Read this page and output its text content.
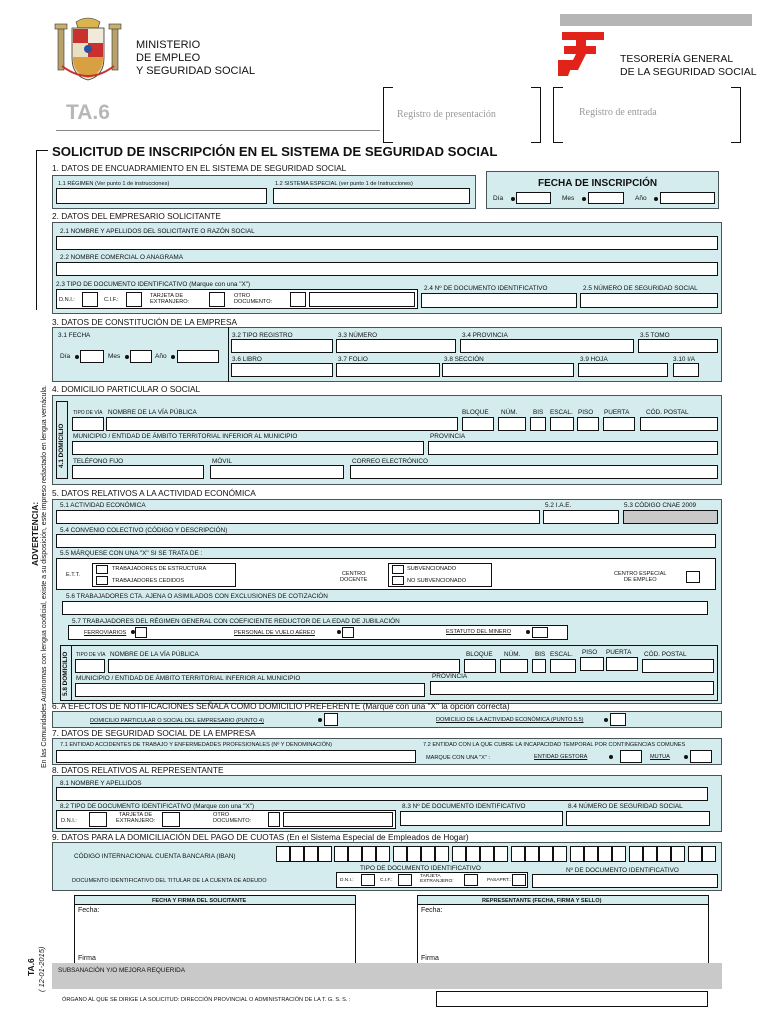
MINISTERIO
DE EMPLEO
Y SEGURIDAD SOCIAL
TESORERÍA GENERAL
DE LA SEGURIDAD SOCIAL
TA.6	Registro de presentación	Registro de entrada
SOLICITUD DE INSCRIPCIÓN EN EL SISTEMA DE SEGURIDAD SOCIAL
1. DATOS DE ENCUADRAMIENTO EN EL SISTEMA DE SEGURIDAD SOCIAL
1.1 RÉGIMEN (Ver punto 1 de instrucciones)	1.2 SISTEMA ESPECIAL (ver punto 1 de Instrucciones)	FECHA DE INSCRIPCIÓN
Día	Mes	Año
2. DATOS DEL EMPRESARIO SOLICITANTE
2.1 NOMBRE Y APELLIDOS DEL SOLICITANTE O RAZÓN SOCIAL
2.2 NOMBRE COMERCIAL O ANAGRAMA
2.3 TIPO DE DOCUMENTO IDENTIFICATIVO (Marque con una "X")
D.N.I.:	C.I.F.:
TARJETA DE
EXTRANJERO:
OTRO
DOCUMENTO:
2.4 Nº DE DOCUMENTO IDENTIFICATIVO	2.5 NÚMERO DE SEGURIDAD SOCIAL
3. DATOS DE CONSTITUCIÓN DE LA EMPRESA
3.1 FECHA
Día	Mes	Año
3.2 TIPO REGISTRO	3.3 NÚMERO	3.4 PROVINCIA	3.5 TOMO
3.6 LIBRO	3.7 FOLIO	3.8 SECCIÓN	3.9 HOJA	3.10 I/A
4. DOMICILIO PARTICULAR O SOCIAL
4.1 DOMICILIO
TIPO DE VÍA NOMBRE DE LA VÍA PÚBLICA	BLOQUE NÚM. BIS ESCAL. PISO PUERTA	CÓD. POSTAL
MUNICIPIO / ENTIDAD DE ÁMBITO TERRITORIAL INFERIOR AL MUNICIPIO	PROVINCIA
TELÉFONO FIJO	MÓVIL	CORREO ELECTRÓNICO
5. DATOS RELATIVOS A LA ACTIVIDAD ECONÓMICA
5.1 ACTIVIDAD ECONÓMICA	5.2 I.A.E.	5.3 CÓDIGO CNAE 2009
5.4 CONVENIO COLECTIVO (CÓDIGO Y DESCRIPCIÓN)
5.5 MÁRQUESE CON UNA "X" SI SE TRATA DE :
E.T.T.
TRABAJADORES DE ESTRUCTURA
TRABAJADORES CEDIDOS
CENTRO
DOCENTE
SUBVENCIONADO
NO SUBVENCIONADO
CENTRO ESPECIAL
DE EMPLEO
5.6 TRABAJADORES CTA. AJENA O ASIMILADOS CON EXCLUSIONES DE COTIZACIÓN
5.7 TRABAJADORES DEL RÉGIMEN GENERAL CON COEFICIENTE REDUCTOR DE LA EDAD DE JUBILACIÓN
FERROVIARIOS	PERSONAL DE VUELO AÉREO	ESTATUTO DEL MINERO
5.8 DOMICILIO TIPO DE VÍA NOMBRE DE LA VÍA PÚBLICA	BLOQUE NÚM. BIS ESCAL. PISO PUERTA CÓD. POSTAL
MUNICIPIO / ENTIDAD DE ÁMBITO TERRITORIAL INFERIOR AL MUNICIPIO	PROVINCIA
6. A EFECTOS DE NOTIFICACIONES SEÑALA COMO DOMICILIO PREFERENTE (Marque con una "X" la opción correcta)
DOMICILIO PARTICULAR O SOCIAL DEL EMPRESARIO (PUNTO 4)	DOMICILIO DE LA ACTIVIDAD ECONÓMICA (PUNTO 5.5)
7. DATOS DE SEGURIDAD SOCIAL DE LA EMPRESA
7.1 ENTIDAD ACCIDENTES DE TRABAJO Y ENFERMEDADES PROFESIONALES (Nº Y DENOMINACIÓN)	7.2 ENTIDAD CON LA QUE CUBRE LA INCAPACIDAD TEMPORAL POR CONTINGENCIAS COMUNES
MARQUE CON UNA "X" :	ENTIDAD GESTORA	MUTUA
8. DATOS RELATIVOS AL REPRESENTANTE
8.1 NOMBRE Y APELLIDOS
8.2 TIPO DE DOCUMENTO IDENTIFICATIVO (Marque con una "X")
D.N.I.:
TARJETA DE
EXTRANJERO:
OTRO
DOCUMENTO:
8.3 Nº DE DOCUMENTO IDENTIFICATIVO	8.4 NÚMERO DE SEGURIDAD SOCIAL
9. DATOS PARA LA DOMICILIACIÓN DEL PAGO DE CUOTAS (En el Sistema Especial de Empleados de Hogar)
CÓDIGO INTERNACIONAL CUENTA BANCARIA (IBAN)
TIPO DE DOCUMENTO IDENTIFICATIVO	Nº DE DOCUMENTO IDENTIFICATIVO
DOCUMENTO IDENTIFICATIVO DEL TITULAR DE LA CUENTA DE ADEUDO	D.N.I.:	C.I.F.:
TARJETA
EXTRANJERO:	PASAPRT.:
FECHA Y FIRMA DEL SOLICITANTE
Fecha:
Firma
REPRESENTANTE (FECHA, FIRMA Y SELLO)
Fecha:
Firma
SUBSANACIÓN Y/O MEJORA REQUERIDA
ÓRGANO AL QUE SE DIRIGE LA SOLICITUD: DIRECCIÓN PROVINCIAL O ADMINISTRACIÓN DE LA T. G. S. S. :
ADVERTENCIA: En las Comunidades Autónomas con lengua cooficial, existe a su disposición, este impreso redactado en lengua vernácula.
TA.6 ( 12-01-2015)
